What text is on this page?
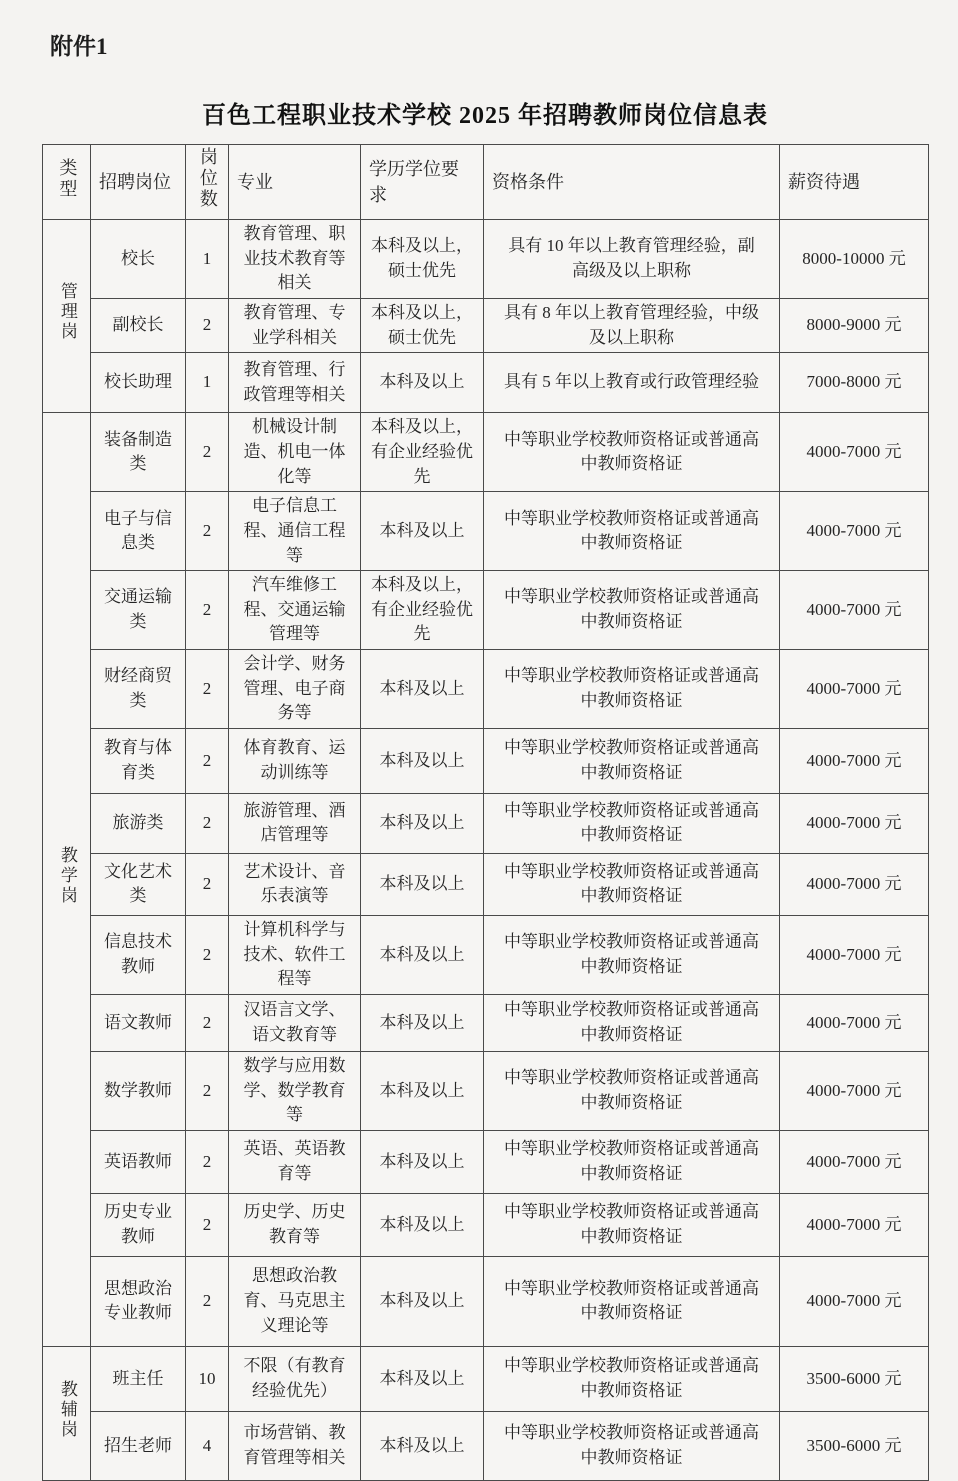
附件1
百色工程职业技术学校 2025 年招聘教师岗位信息表
类型	招聘岗位	岗位数	专业	学历学位要求	资格条件	薪资待遇
管理岗	校长	1	教育管理、职业技术教育等相关	本科及以上，硕士优先	具有 10 年以上教育管理经验，副高级及以上职称	8000-10000 元
	副校长	2	教育管理、专业学科相关	本科及以上，硕士优先	具有 8 年以上教育管理经验，中级及以上职称	8000-9000 元
	校长助理	1	教育管理、行政管理等相关	本科及以上	具有 5 年以上教育或行政管理经验	7000-8000 元
教学岗	装备制造类	2	机械设计制造、机电一体化等	本科及以上，有企业经验优先	中等职业学校教师资格证或普通高中教师资格证	4000-7000 元
	电子与信息类	2	电子信息工程、通信工程等	本科及以上	中等职业学校教师资格证或普通高中教师资格证	4000-7000 元
	交通运输类	2	汽车维修工程、交通运输管理等	本科及以上，有企业经验优先	中等职业学校教师资格证或普通高中教师资格证	4000-7000 元
	财经商贸类	2	会计学、财务管理、电子商务等	本科及以上	中等职业学校教师资格证或普通高中教师资格证	4000-7000 元
	教育与体育类	2	体育教育、运动训练等	本科及以上	中等职业学校教师资格证或普通高中教师资格证	4000-7000 元
	旅游类	2	旅游管理、酒店管理等	本科及以上	中等职业学校教师资格证或普通高中教师资格证	4000-7000 元
	文化艺术类	2	艺术设计、音乐表演等	本科及以上	中等职业学校教师资格证或普通高中教师资格证	4000-7000 元
	信息技术教师	2	计算机科学与技术、软件工程等	本科及以上	中等职业学校教师资格证或普通高中教师资格证	4000-7000 元
	语文教师	2	汉语言文学、语文教育等	本科及以上	中等职业学校教师资格证或普通高中教师资格证	4000-7000 元
	数学教师	2	数学与应用数学、数学教育等	本科及以上	中等职业学校教师资格证或普通高中教师资格证	4000-7000 元
	英语教师	2	英语、英语教育等	本科及以上	中等职业学校教师资格证或普通高中教师资格证	4000-7000 元
	历史专业教师	2	历史学、历史教育等	本科及以上	中等职业学校教师资格证或普通高中教师资格证	4000-7000 元
	思想政治专业教师	2	思想政治教育、马克思主义理论等	本科及以上	中等职业学校教师资格证或普通高中教师资格证	4000-7000 元
教辅岗	班主任	10	不限（有教育经验优先）	本科及以上	中等职业学校教师资格证或普通高中教师资格证	3500-6000 元
	招生老师	4	市场营销、教育管理等相关	本科及以上	中等职业学校教师资格证或普通高中教师资格证	3500-6000 元
